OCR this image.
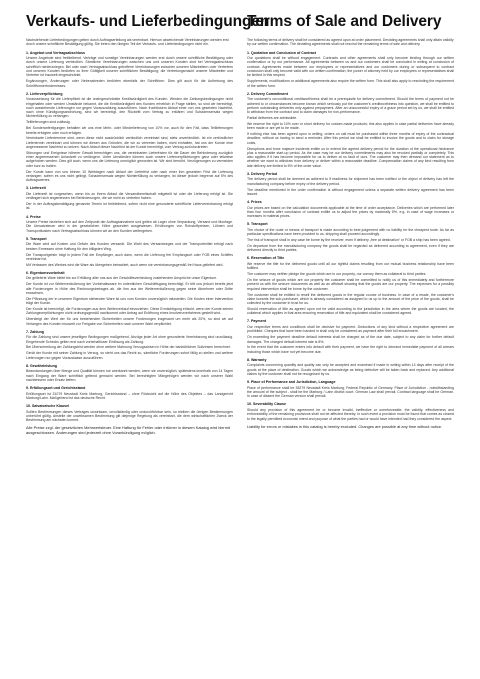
Verkaufs- und Lieferbedingungen

Nachstehende Lieferbedingungen gelten durch Auftragserteilung als vereinbart. Hiervon abweichende Vereinbarungen werden erst durch unsere schriftliche Bestätigung gültig. Sie treten den übrigen Teil der Verkaufs- und Lieferbedingungen nicht ein.

1. Angebot und Vertragsabschluss

Unsere Angebote sind freibleibend. Verträge und sonstige Vereinbarungen werden erst durch unsere schriftliche Bestätigung oder durch unsere Lieferung verbindlich. Sämtliche Vereinbarungen zwischen uns und unseren Kunden sind bei Vertragsabschluss schriftlich niederzulegen. Bei oder nach Vertragsabschluss getroffene Vereinbarungen zwischen unseren Mitarbeitern oder Vertretern und unseren Kunden bedürfen zu ihrer Gültigkeit unserer schriftlichen Bestätigung; die Vertretungsmacht unserer Mitarbeiter und Vertreter ist insoweit eingeschränkt.

Ergänzungen, Änderungen oder Nebenabreden bedürfen ebenfalls der Schriftform. Dies gilt auch für die Aufhebung des Schriftformerfordernisses.

2. Lieferverpflichtung

Voraussetzung für die Lieferpflicht ist die uneingeschränkte Kreditwürdigkeit des Kunden. Werden die Zahlungsbedingungen nicht eingehalten oder werden Umstände bekannt, die die Kreditwürdigkeit des Kunden erheblich in Frage stellen, so sind wir berechtigt, noch ausstehende Lieferungen nur gegen Vorauszahlung auszuführen. Nach fruchtlosem Ablauf einer von uns gesetzten Nachfrist, nach ohne Kündigungsandrohung, sind wir berechtigt, den Rücktritt vom Vertrag zu erklären und Schadensersatz wegen Nichterfüllung zu verlangen.

Teillieferungen sind zulässig.

Bei Sonderanfertigungen behalten wir uns eine Mehr- oder Minderlieferung von 10% vor, auch für den Fall, dass Teillieferungen bereits erfolgten oder noch erfolgen.

Vereinbarte Liefertermine sind, wenn diese nicht ausdrücklich verbindlich vereinbart sind, stets unverbindlich. Ist ein verbindlicher Liefertermin vereinbart und können wir diesen aus Gründen, die wir zu vertreten haben, nicht einhalten, hat uns der Kunde eine angemessene Nachfrist zu setzen. Nach Ablauf dieser Nachfrist ist der Kunde berechtigt, vom Vertrag zurückzutreten.

Störungen und Ereignisse höherer Gewalt berechtigen uns, die vereinbarten Lieferfristen für die Dauer der Behinderung zuzüglich einer angemessenen Anlaufzeit zu verlängern. Unter Umständen können auch unsere Lieferverpflichtungen ganz oder teilweise aufgehoben werden. Dies gilt auch, wenn uns die Lieferung unmöglich geworden ist. Wir sind bemüht, Verzögerungen zu vermeiden oder kurz zu halten.

Der Kunde kann von uns binnen 10 Werktagen nach Ablauf der Lieferfrist oder nach einer ihm gesetzten Frist die Lieferung verlangen; sofern es uns nicht gelingt, Schadensersatz wegen Nichterfüllung zu verlangen, ist dieser jedoch begrenzt auf 5% des Auftragswertes.

3. Lieferzeit

Die Lieferzeit ist vorgesehen, wenn bis zu ihrem Ablauf die Versandbereitschaft mitgeteilt ist oder die Lieferung erfolgt ist. Sie verlängert sich angemessen bei Behinderungen, die wir nicht zu vertreten haben.

Der in der Auftragsbestätigung genannte Termin ist freibleibend, sofern nicht eine gesonderte schriftliche Liefervereinbarung erfolgt ist.

4. Preise

Unsere Preise beziehen sich auf den Zeitpunkt der Auftragsannahme und gelten ab Lager ohne Verpackung, Versand und Montage. Die Umsatzsteuer wird in der gesetzlichen Höhe gesondert ausgewiesen. Erhöhungen von Rohstoffpreisen, Löhnen und Transportkosten nach Vertragsabschluss können wir an den Kunden weitergeben.

5. Transport

Die Ware wird auf Kosten und Gefahr des Kunden versandt. Die Wahl des Versandweges und der Transportmittel erfolgt nach bestem Ermessen ohne Haftung für den billigsten Weg.

Die Transportgefahr trägt in jedem Fall der Empfänger, auch dann, wenn die Lieferung frei Empfangsort oder FOB eines Schiffes vereinbart ist.

Mit Verlassen des Werkes wird die Ware als übergeben betrachtet, auch wenn sie vereinbarungsgemäß frei Haus geliefert wird.

6. Eigentumsvorbehalt

Die gelieferte Ware bleibt bis zur Erfüllung aller uns aus der Geschäftsverbindung zustehenden Ansprüche unser Eigentum.

Der Kunde ist zur Weiterveräußerung der Vorbehaltsware im ordentlichen Geschäftsgang berechtigt. Er tritt uns jedoch bereits jetzt alle Forderungen in Höhe des Rechnungsbetrages ab, die ihm aus der Weiterveräußerung gegen seine Abnehmer oder Dritte erwachsen.

Die Pfändung der in unserem Eigentum stehenden Ware ist uns vom Kunden unverzüglich mitzuteilen. Die Kosten einer Intervention trägt der Kunde.

Der Kunde ist berechtigt, die Forderungen aus dem Weiterverkauf einzuziehen. Diese Ermächtigung erlischt, wenn der Kunde seinen Zahlungsverpflichtungen nicht ordnungsgemäß nachkommt oder Antrag auf Eröffnung eines Insolvenzverfahrens gestellt wird.

Übersteigt der Wert der für uns bestehenden Sicherheiten unsere Forderungen insgesamt um mehr als 20%, so sind wir auf Verlangen des Kunden insoweit zur Freigabe von Sicherheiten nach unserer Wahl verpflichtet.

7. Zahlung

Für die Zahlung sind unsere jeweiligen Bedingungen maßgebend. Abzüge jeder Art ohne gesonderte Vereinbarung sind unzulässig. Eingehende Schecks gelten erst nach vorbehaltloser Einlösung als Zahlung.

Bei Überschreitung der Zahlungsfrist werden ohne weitere Mahnung Verzugszinsen in Höhe der banküblichen Sollzinsen berechnet.

Gerät der Kunde mit seiner Zahlung in Verzug, so steht uns das Recht zu, sämtliche Forderungen sofort fällig zu stellen und weitere Lieferungen nur gegen Vorauskasse auszuführen.

8. Gewährleistung

Beanstandungen über Menge und Qualität können nur anerkannt werden, wenn sie unverzüglich, spätestens innerhalb von 14 Tagen nach Eingang der Ware schriftlich geltend gemacht werden. Bei berechtigten Mängelrügen werden wir nach unserer Wahl nachbessern oder Ersatz liefern.

9. Erfüllungsort und Gerichtsstand

Erfüllungsort ist 31079 Neustadt Kreis Marburg, Gerichtsstand – ohne Rücksicht auf die Höhe des Objektes – das Landgericht Marburg/Lahn. Maßgebend ist das deutsche Recht.

10. Salvatorische Klausel

Sollten Bestimmungen dieses Vertrages unwirksam, unvollständig oder undurchführbar sein, so bleiben die übrigen Bestimmungen unberührt gültig. Anstelle der unwirksamen Bestimmung gilt diejenige Regelung als vereinbart, die dem wirtschaftlichen Zweck der Bestimmung am nächsten kommt.

Alle Preise zzgl. der gesetzlichen Mehrwertsteuer. Eine Haftung für Fehler oder Irrtümer in diesem Katalog wird hiermit ausgeschlossen. Änderungen sind jederzeit ohne Vorankündigung möglich.

Terms of Sale and Delivery

The following terms of delivery shall be considered as agreed upon at order placement. Deviating agreements shall only attain validity by our written confirmation. The deviating agreements shall not rescind the remaining terms of sale and delivery.

1. Quotation and Conclusion of Contract

Our quotations shall be without engagement. Contracts and other agreements shall only become binding through our written confirmation or by our performance. All agreements between us and our customers shall be concluded in writing at conclusion of contract. Agreements made between our employees or representatives and our customers during or subsequent to contract conclusion shall only become valid with our written confirmation; the power of attorney held by our employees or representatives shall be limited in this respect.

Supplements, modifications or additional agreements also require the written form. This shall also apply to rescinding the requirement of the written form.

2. Delivery Commitment

The customer's unconditional creditworthiness shall be a prerequisite for delivery commitment. Should the terms of payment not be adhered to or circumstances become known which seriously put the customer's creditworthiness into question, we shall be entitled to perform outstanding deliveries only against prepayment. After an unsuccessful expiry of a grace period set by us, we shall be entitled to withdraw from the contract and to claim damages for non-performance.

Partial deliveries are admissible.

We reserve the right to 10% over or short delivery for custom-made products; this also applies in case partial deliveries have already been made or are yet to be made.

If nothing else has been agreed upon in writing, orders on call must be purchased within three months of expiry of the contractual deadline; without us having to send a reminder. After this period we shall be entitled to invoice the goods and to claim for storage costs.

Disruptions and force majeure incidents entitle us to extend the agreed delivery period for the duration of the operational hindrance plus a reasonable start-up period. As the case may be our delivery commitments may also be revoked partially or completely. This also applies if it has become impossible for us to deliver at no fault of ours. The customer may then demand our statement as to whether we want to withdraw from delivery or deliver within a reasonable deadline. Compensation claims of any kind resulting from late delivery are limited to 5% of the order value.

3. Delivery Period

The delivery period shall be deemed as adhered to if readiness for shipment has been notified or the object of delivery has left the manufacturing company before expiry of the delivery period.

The deadline mentioned in the order confirmation is without engagement unless a separate written delivery agreement has been issued.

4. Prices

Our prices are based on the calculation documents applicable at the time of order acceptance. Deliveries which are performed later than four months after conclusion of contract entitle us to adjust the prices by maximally 5%, e.g. in case of wage increases or increases in material prices.

5. Transport

The choice of the route or means of transport is made according to best judgement with no liability for the cheapest route. As far as particular specifications have been provided to us, shipping shall proceed accordingly.

The risk of transport shall in any case be borne by the receiver, even if delivery „free at destination“ or FOB a ship has been agreed.

On departure from the manufacturing company the goods shall be regarded as delivered according to agreement, even if they are delivered directly to third parties.

6. Reservation of Title

We reserve the title for the delivered goods until all our rightful claims resulting from our mutual business relationship have been fulfilled.

The customer may neither pledge the goods which are in our property, nor convey them as collateral to third parties.

On the seizure of goods which are our property the customer shall be committed to notify us of this immediately and furthermore present us with the seizure documents as well as an affidavit showing that the goods are our property. The expenses for a possibly required intervention shall be borne by the customer.

The customer shall be entitled to resell the delivered goods in the regular course of business. In case of a resale, the customer's claim towards the sub-purchaser, which is already considered as assigned to us up to the amount of the price of the goods, shall be collected by the customer in trust for us.

Should reservation of title as agreed upon not be valid according to the jurisdiction in the area where the goods are located, the collateral which applies in that area ensuring reservation of title and equivalent shall be considered agreed.

7. Payment

Our respective terms and conditions shall be decisive for payment. Deductions of any kind without a respective agreement are prohibited. Cheques that have been handed in shall only be considered as payment after their full encashment.

On exceeding the payment deadline default interests shall be charged as of the due date, subject to any claim for further default damages. The charged default interest rate is 8%.

In the event that the customer enters into default with their payment, we have the right to demand immediate payment of all arrears including those which have not yet become due.

8. Warranty

Complaints concerning quantity and quality can only be accepted and examined if made in writing within 14 days after receipt of the goods at the place of destination. Goods which we acknowledge as being defective will be taken back and replaced. Any additional claims by the customer shall not be recognised by us.

9. Place of Performance and Jurisdiction, Language

Place of performance shall be 35279 Neustadt Kreis Marburg, Federal Republic of Germany. Place of Jurisdiction - notwithstanding the amount of the subject - shall be the Marburg / Lahn district court. German Law shall prevail. Contract language shall be German. In case of dissent the German version shall prevail.

10. Severability Clause

Should any provision of this agreement be or become invalid, ineffective or unenforceable, the validity, effectiveness and enforceability of the remaining provisions shall not be affected thereby. In such event a provision must be found that comes as closest to the legally permitted economic intent and purpose of what the parties had or would have intended had they considered the aspect.

Liability for errors or mistakes in this catalog is hereby excluded. Changes are possible at any time without notice.
